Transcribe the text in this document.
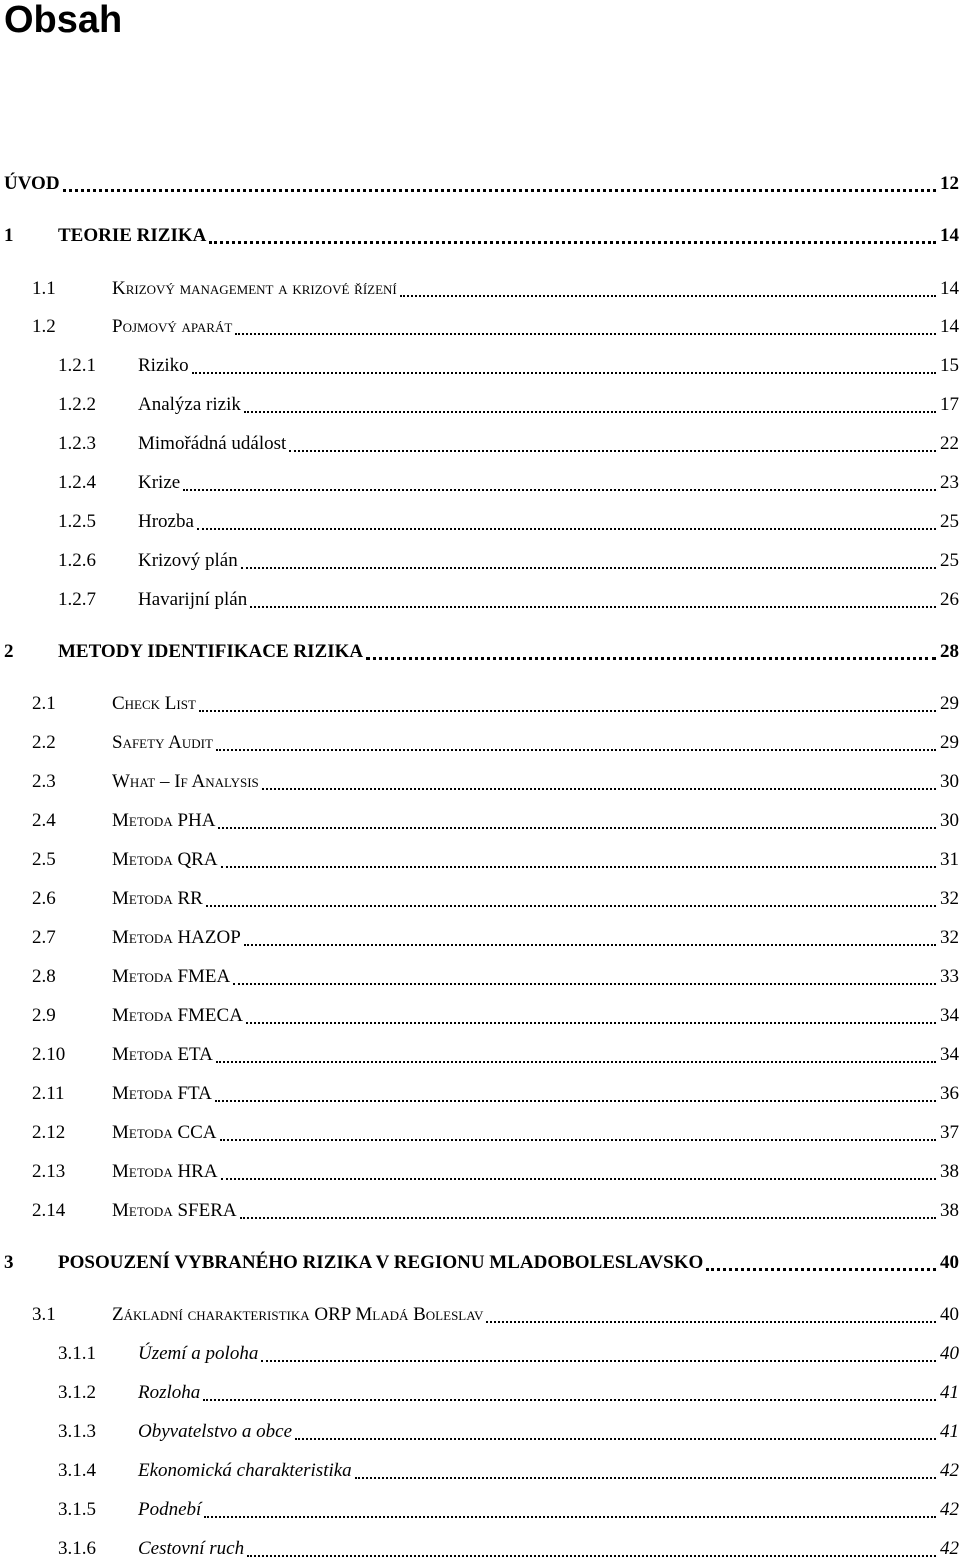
Obsah
ÚVOD	12
1 TEORIE RIZIKA	14
1.1	Krizový management a krizové řízení	14
1.2	Pojmový aparát	14
1.2.1 Riziko	15
1.2.2 Analýza rizik	17
1.2.3 Mimořádná událost	22
1.2.4 Krize	23
1.2.5 Hrozba	25
1.2.6 Krizový plán	25
1.2.7 Havarijní plán	26
2 METODY IDENTIFIKACE RIZIKA	28
2.1	Check List	29
2.2	Safety Audit	29
2.3	What – If Analysis	30
2.4	Metoda PHA	30
2.5	Metoda QRA	31
2.6	Metoda RR	32
2.7	Metoda HAZOP	32
2.8	Metoda FMEA	33
2.9	Metoda FMECA	34
2.10 Metoda ETA	34
2.11 Metoda FTA	36
2.12 Metoda CCA	37
2.13 Metoda HRA	38
2.14 Metoda SFERA	38
3 POSOUZENÍ VYBRANÉHO RIZIKA V REGIONU MLADOBOLESLAVSKO	40
3.1	Základní charakteristika ORP Mladá Boleslav	40
3.1.1 Území a poloha	40
3.1.2 Rozloha	41
3.1.3 Obyvatelstvo a obce	41
3.1.4 Ekonomická charakteristika	42
3.1.5 Podnebí	42
3.1.6 Cestovní ruch	42
